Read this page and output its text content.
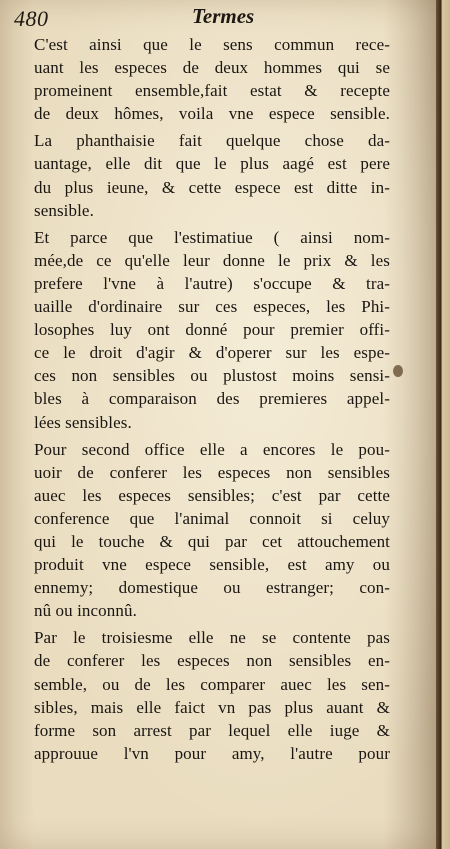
480	Termes
C'est ainsi que le sens commun rece-
uant les especes de deux hommes qui se
promeinent ensemble,fait estat & recepte
de deux hômes, voila vne espece sensible.
La phanthaisie fait quelque chose da-
uantage, elle dit que le plus aagé est pere
du plus ieune, & cette espece est ditte in-
sensible.
Et parce que l'estimatiue ( ainsi nom-
mée,de ce qu'elle leur donne le prix & les
prefere l'vne à l'autre) s'occupe & tra-
uaille d'ordinaire sur ces especes, les Phi-
losophes luy ont donné pour premier offi-
ce le droit d'agir & d'operer sur les espe-
ces non sensibles ou plustost moins sensi-
bles à comparaison des premieres appel-
lées sensibles.
Pour second office elle a encores le pou-
uoir de conferer les especes non sensibles
auec les especes sensibles; c'est par cette
conference que l'animal connoit si celuy
qui le touche & qui par cet attouchement
produit vne espece sensible, est amy ou
ennemy; domestique ou estranger; con-
nû ou inconnû.
Par le troisiesme elle ne se contente pas
de conferer les especes non sensibles en-
semble, ou de les comparer auec les sen-
sibles, mais elle faict vn pas plus auant &
forme son arrest par lequel elle iuge &
approuue l'vn pour amy, l'autre pour
